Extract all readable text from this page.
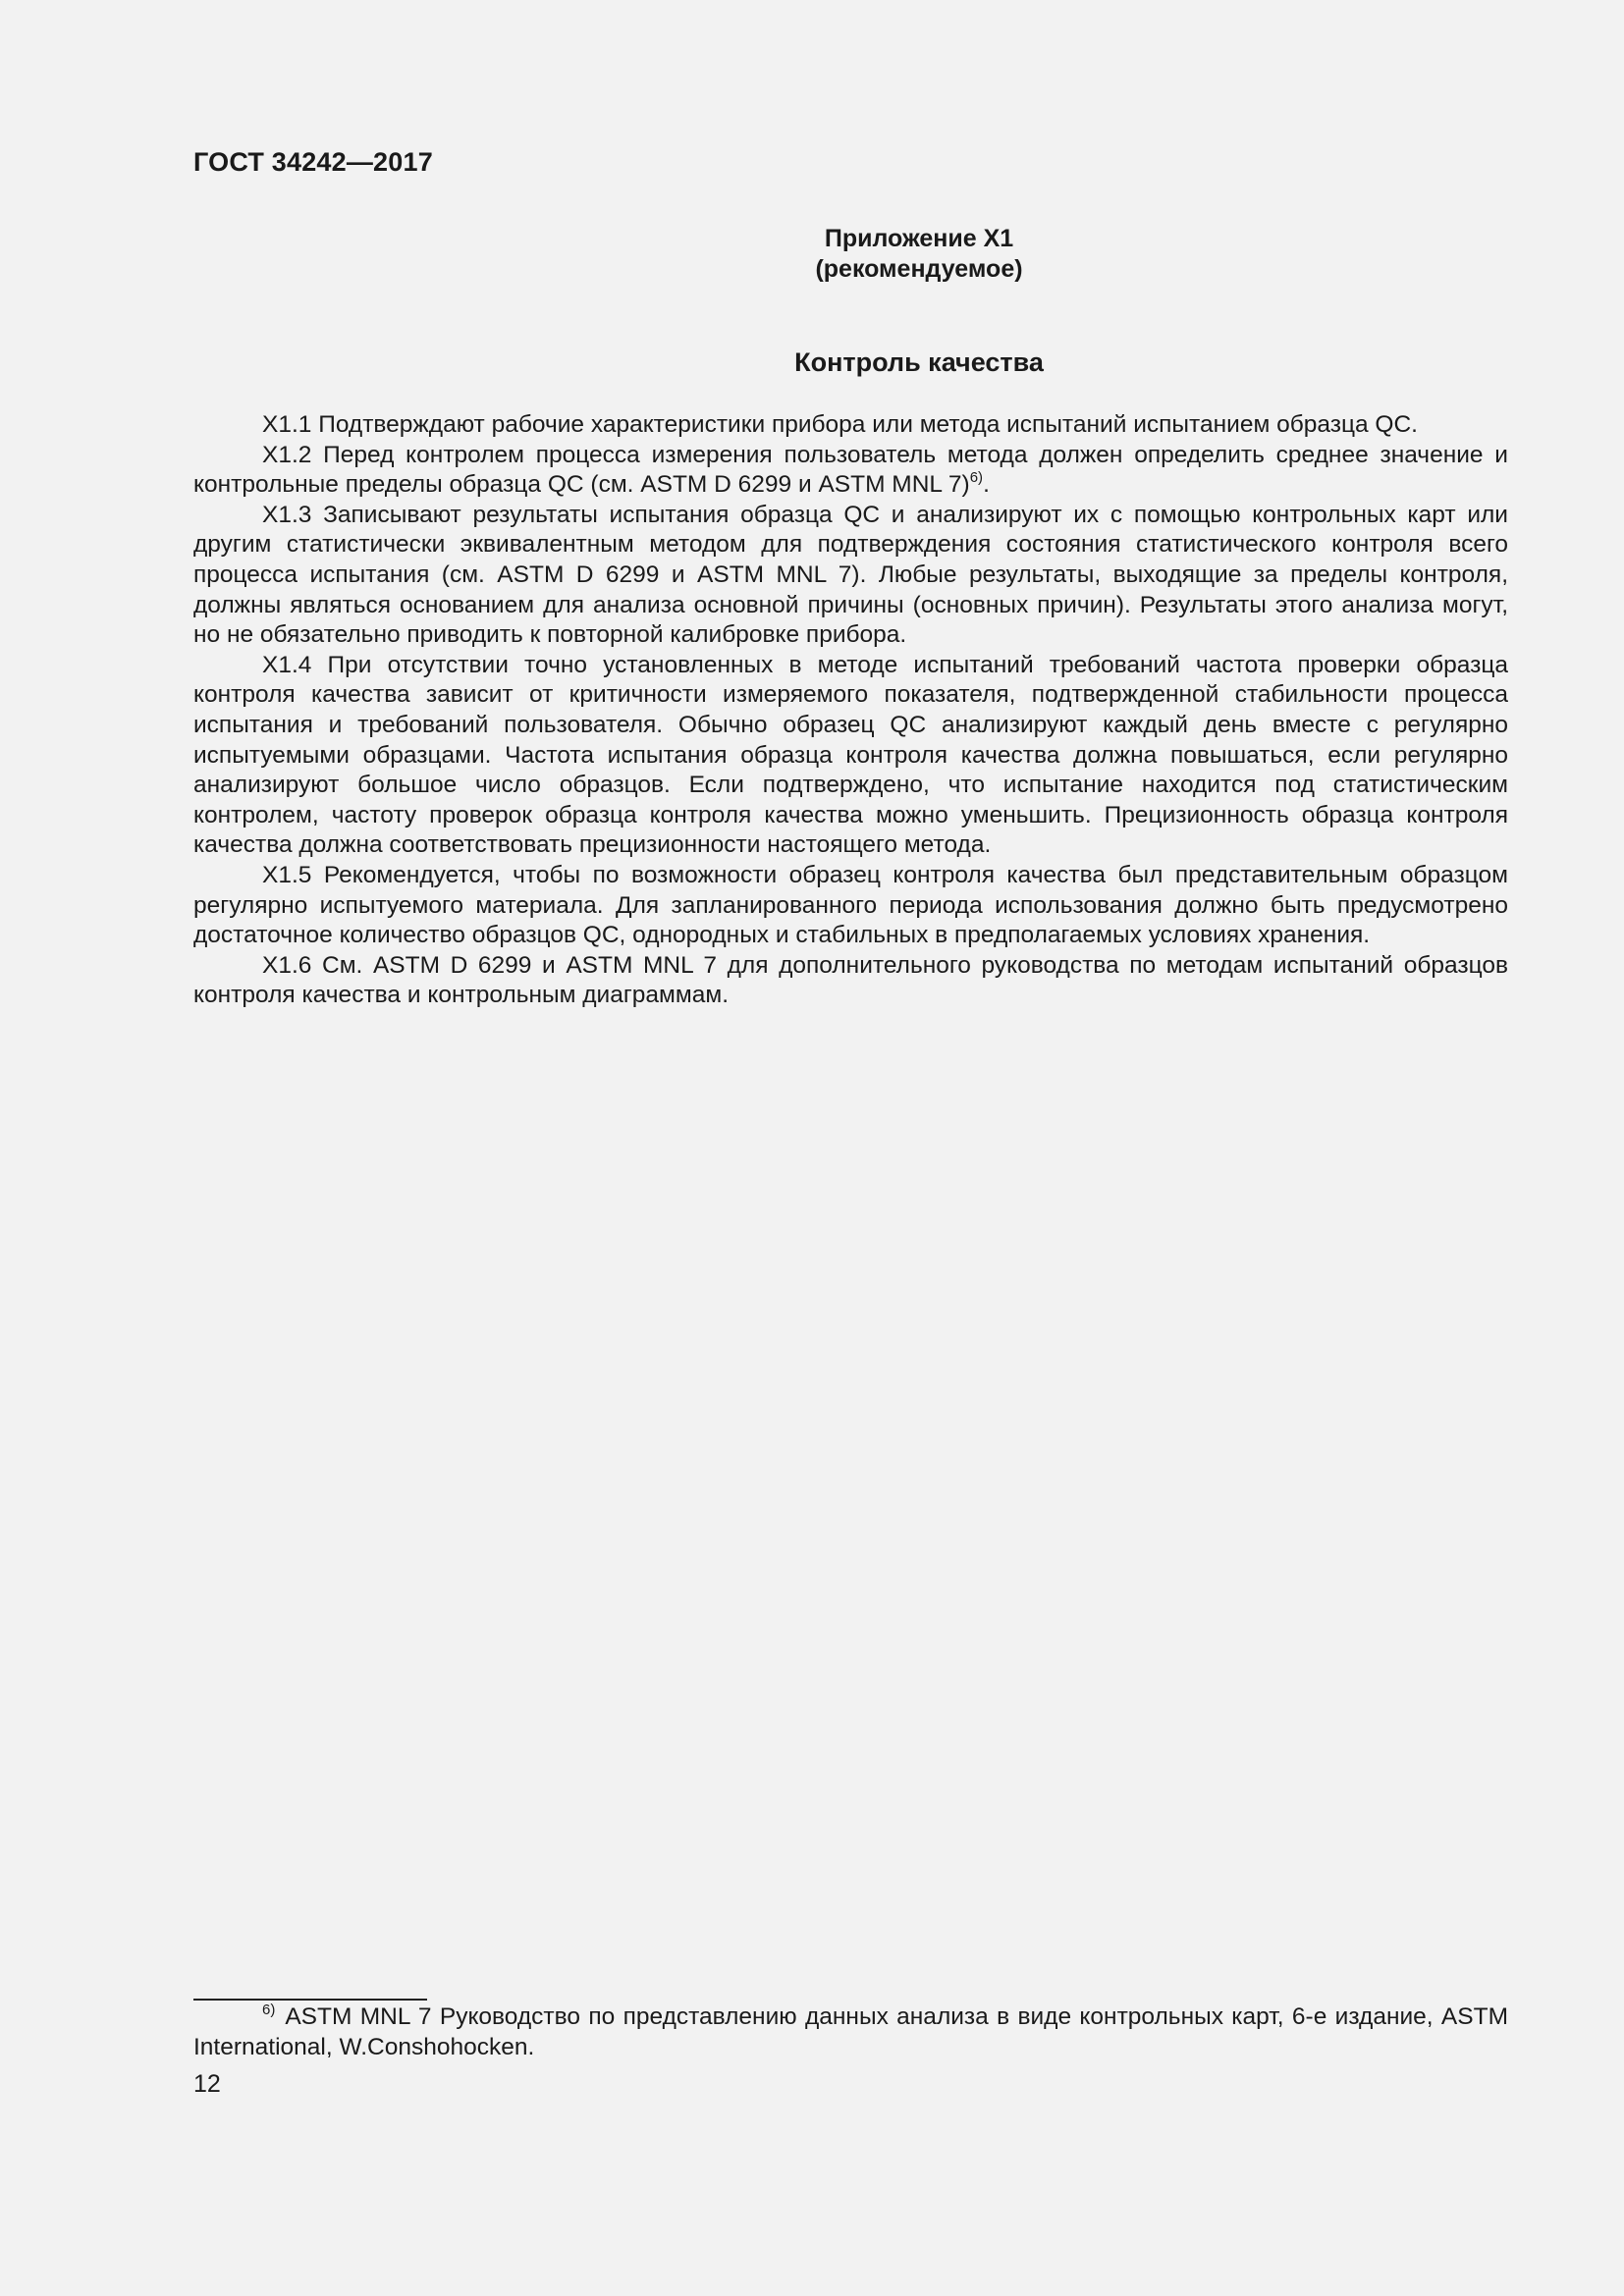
ГОСТ 34242—2017
Приложение Х1
(рекомендуемое)
Контроль качества

Х1.1 Подтверждают рабочие характеристики прибора или метода испытаний испытанием образца QC.

Х1.2 Перед контролем процесса измерения пользователь метода должен определить среднее значение и контрольные пределы образца QC (см. ASTM D 6299 и ASTM MNL 7)$^{6)}$.

Х1.3 Записывают результаты испытания образца QC и анализируют их с помощью контрольных карт или другим статистически эквивалентным методом для подтверждения состояния статистического контроля всего процесса испытания (см. ASTM D 6299 и ASTM MNL 7). Любые результаты, выходящие за пределы контроля, должны являться основанием для анализа основной причины (основных причин). Результаты этого анализа могут, но не обязательно приводить к повторной калибровке прибора.

Х1.4 При отсутствии точно установленных в методе испытаний требований частота проверки образца контроля качества зависит от критичности измеряемого показателя, подтвержденной стабильности процесса испытания и требований пользователя. Обычно образец QC анализируют каждый день вместе с регулярно испытуемыми образцами. Частота испытания образца контроля качества должна повышаться, если регулярно анализируют большое число образцов. Если подтверждено, что испытание находится под статистическим контролем, частоту проверок образца контроля качества можно уменьшить. Прецизионность образца контроля качества должна соответствовать прецизионности настоящего метода.

Х1.5 Рекомендуется, чтобы по возможности образец контроля качества был представительным образцом регулярно испытуемого материала. Для запланированного периода использования должно быть предусмотрено достаточное количество образцов QC, однородных и стабильных в предполагаемых условиях хранения.

Х1.6 См. ASTM D 6299 и ASTM MNL 7 для дополнительного руководства по методам испытаний образцов контроля качества и контрольным диаграммам.

$^{6)}$ ASTM MNL 7 Руководство по представлению данных анализа в виде контрольных карт, 6-е издание, ASTM International, W.Conshohocken.
12
